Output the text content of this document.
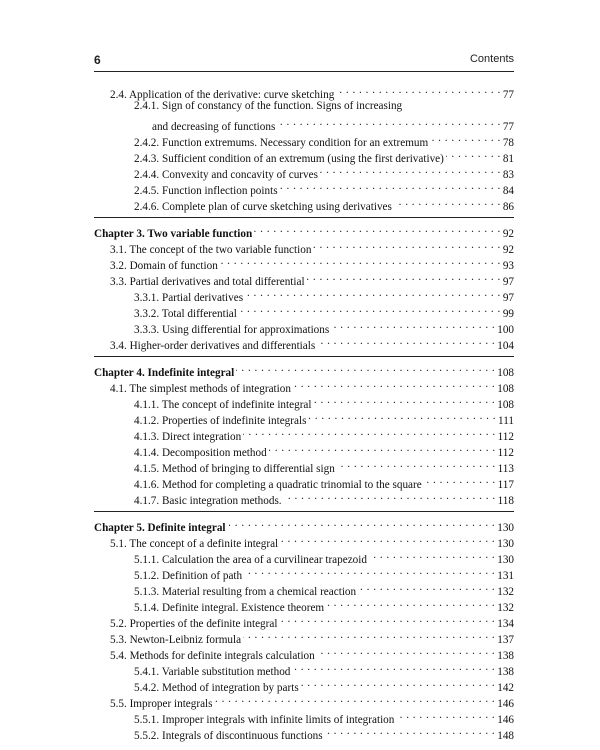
6	Contents
2.4. Application of the derivative: curve sketching . . .	77
2.4.1. Sign of constancy of the function. Signs of increasing
and decreasing of functions . . .	77
2.4.2. Function extremums. Necessary condition for an extremum . . .	78
2.4.3. Sufficient condition of an extremum (using the first derivative) . . .	81
2.4.4. Convexity and concavity of curves . . .	83
2.4.5. Function inflection points . . .	84
2.4.6. Complete plan of curve sketching using derivatives . . .	86
Chapter 3. Two variable function . . .	92
3.1. The concept of the two variable function . . .	92
3.2. Domain of function . . .	93
3.3. Partial derivatives and total differential . . .	97
3.3.1. Partial derivatives . . .	97
3.3.2. Total differential . . .	99
3.3.3. Using differential for approximations . . .	100
3.4. Higher-order derivatives and differentials . . .	104
Chapter 4. Indefinite integral . . .	108
4.1. The simplest methods of integration . . .	108
4.1.1. The concept of indefinite integral . . .	108
4.1.2. Properties of indefinite integrals . . .	111
4.1.3. Direct integration . . .	112
4.1.4. Decomposition method . . .	112
4.1.5. Method of bringing to differential sign . . .	113
4.1.6. Method for completing a quadratic trinomial to the square . . .	117
4.1.7. Basic integration methods. . . .	118
Chapter 5. Definite integral . . .	130
5.1. The concept of a definite integral . . .	130
5.1.1. Calculation the area of a curvilinear trapezoid . . .	130
5.1.2. Definition of path . . .	131
5.1.3. Material resulting from a chemical reaction . . .	132
5.1.4. Definite integral. Existence theorem . . .	132
5.2. Properties of the definite integral . . .	134
5.3. Newton-Leibniz formula . . .	137
5.4. Methods for definite integrals calculation . . .	138
5.4.1. Variable substitution method . . .	138
5.4.2. Method of integration by parts . . .	142
5.5. Improper integrals . . .	146
5.5.1. Improper integrals with infinite limits of integration . . .	146
5.5.2. Integrals of discontinuous functions . . .	148
